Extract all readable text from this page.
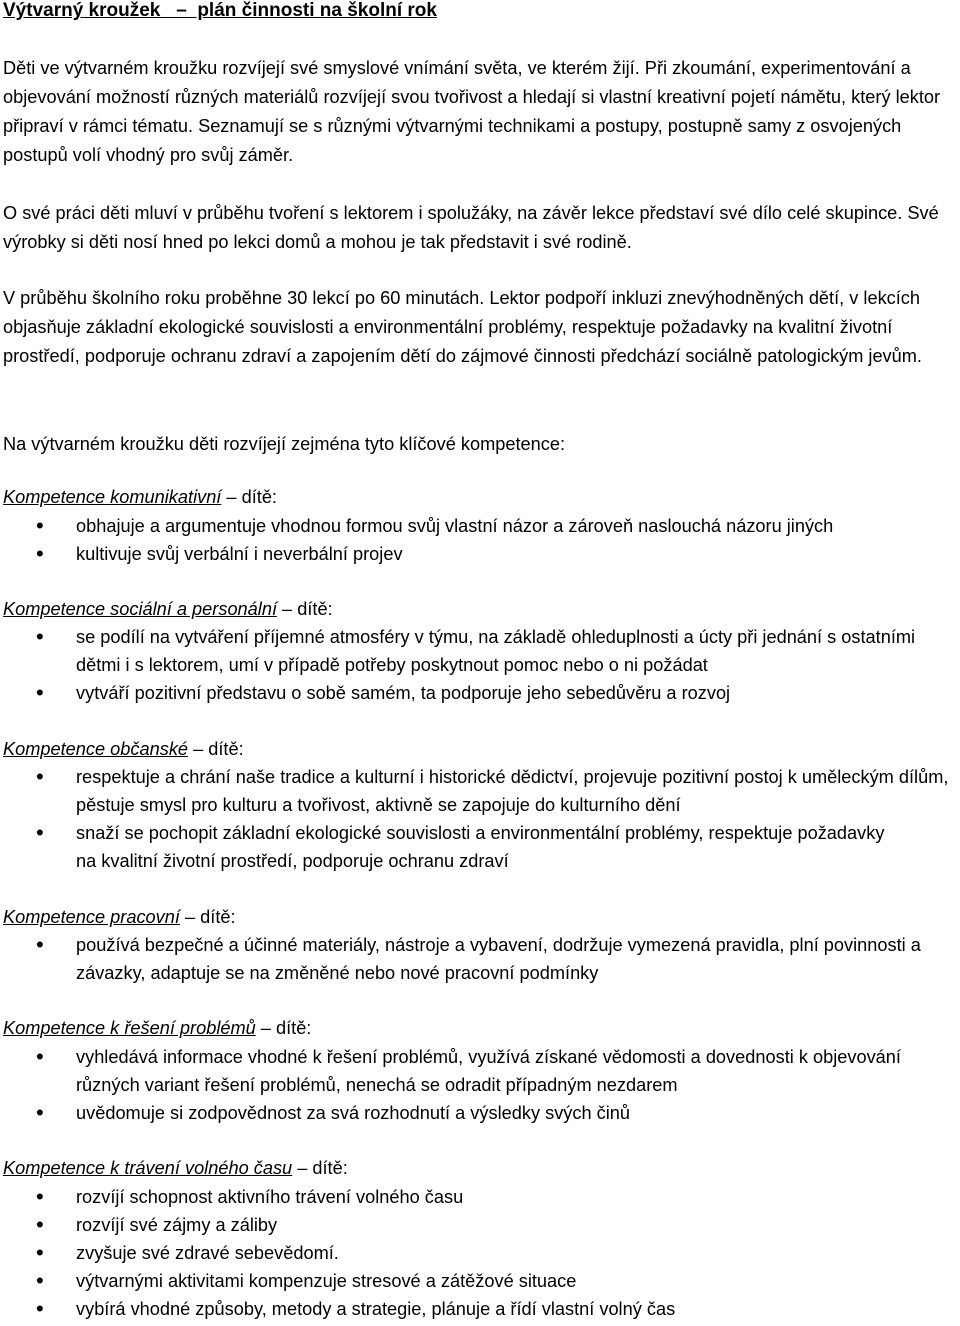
Výtvarný kroužek   –  plán činnosti na školní rok

Děti ve výtvarném kroužku rozvíjejí své smyslové vnímání světa, ve kterém žijí. Při zkoumání, experimentování a objevování možností různých materiálů rozvíjejí svou tvořivost a hledají si vlastní kreativní pojetí námětu, který lektor připraví v rámci tématu. Seznamují se s různými výtvarnými technikami a postupy, postupně samy z osvojených postupů volí vhodný pro svůj záměr.

O své práci děti mluví v průběhu tvoření s lektorem i spolužáky, na závěr lekce představí své dílo celé skupince. Své výrobky si děti nosí hned po lekci domů a mohou je tak představit i své rodině.

V průběhu školního roku proběhne 30 lekcí po 60 minutách. Lektor podpoří inkluzi znevýhodněných dětí, v lekcích objasňuje základní ekologické souvislosti a environmentální problémy, respektuje požadavky na kvalitní životní prostředí, podporuje ochranu zdraví a zapojením dětí do zájmové činnosti předchází sociálně patologickým jevům.

Na výtvarném kroužku děti rozvíjejí zejména tyto klíčové kompetence:

Kompetence komunikativní – dítě:
• obhajuje a argumentuje vhodnou formou svůj vlastní názor a zároveň naslouchá názoru jiných
• kultivuje svůj verbální i neverbální projev
Kompetence sociální a personální – dítě:
• se podílí na vytváření příjemné atmosféry v týmu, na základě ohleduplnosti a úcty při jednání s ostatními dětmi i s lektorem, umí v případě potřeby poskytnout pomoc nebo o ni požádat
• vytváří pozitivní představu o sobě samém, ta podporuje jeho sebedůvěru a rozvoj
Kompetence občanské – dítě:
• respektuje a chrání naše tradice a kulturní i historické dědictví, projevuje pozitivní postoj k uměleckým dílům, pěstuje smysl pro kulturu a tvořivost, aktivně se zapojuje do kulturního dění
• snaží se pochopit základní ekologické souvislosti a environmentální problémy, respektuje požadavky na kvalitní životní prostředí, podporuje ochranu zdraví
Kompetence pracovní – dítě:
• používá bezpečné a účinné materiály, nástroje a vybavení, dodržuje vymezená pravidla, plní povinnosti a závazky, adaptuje se na změněné nebo nové pracovní podmínky
Kompetence k řešení problémů – dítě:
• vyhledává informace vhodné k řešení problémů, využívá získané vědomosti a dovednosti k objevování různých variant řešení problémů, nenechá se odradit případným nezdarem
• uvědomuje si zodpovědnost za svá rozhodnutí a výsledky svých činů
Kompetence k trávení volného času – dítě:
• rozvíjí schopnost aktivního trávení volného času
• rozvíjí své zájmy a záliby
• zvyšuje své zdravé sebevědomí.
• výtvarnými aktivitami kompenzuje stresové a zátěžové situace
• vybírá vhodné způsoby, metody a strategie, plánuje a řídí vlastní volný čas
